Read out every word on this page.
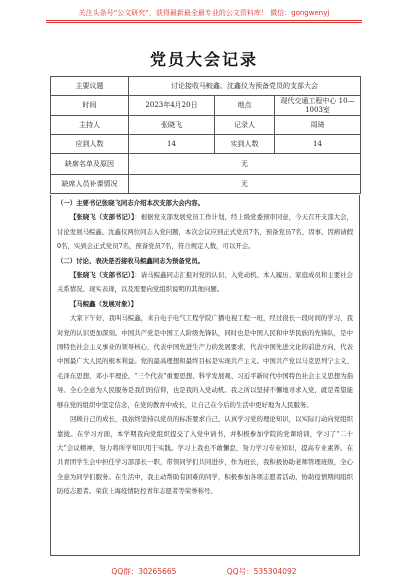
关注头条号“公文研究”，获得最新最全最专业的公文资料库！ 微信：gongwenyj
党员大会记录
主要议题	讨论接收马鲩鑫、沈鑫仪为预备党员的支部大会		
时间	2023年4月20日	地点	现代交通工程中心 10—1003室
主持人	张晓飞	记录人	周琦
应到人数	14	实到人数	14
缺席名单及原因	无		
缺席人员补课情况	无		

（一）主要书记张晓飞同志介绍本次支部大会内容。

【张晓飞（支部书记）】：根据党支部发展党员工作计划，经上级党委预审同意，今天召开支部大会，讨论发展马鲩鑫、沈鑫仪两位同志入党问题，本次会议应到正式党员7名，预备党员7名，因事、因病请假0名，实到会正式党员7名，预备党员7名，符合规定人数，可以开会。

（二）讨论、表决是否接收马鲩鑫同志为预备党员。

【张晓飞（支部书记）】：请马鲩鑫同志汇报对党的认识、入党动机、本人履历、家庭成员和主要社会关系情况、现实表现，以及需要向党组织说明的其他问题。

【马鲩鑫（发展对象）】

大家下午好，我叫马鲩鑫，来自电子电气工程学院广播电视工程一班，经过很长一段时间的学习，我对党的认识更加深刻。中国共产党是中国工人阶级先锋队，同时也是中国人民和中华民族的先锋队，是中国特色社会主义事业的领导核心，代表中国先进生产力的发展要求，代表中国先进文化的前进方向，代表中国最广大人民的根本利益。党的最高理想和最终目标是实现共产主义。中国共产党以马克思列宁主义、毛泽东思想、邓小平理论、“三个代表”重要思想、科学发展观、习近平新时代中国特色社会主义思想为指导。全心全意为人民服务是我们的信仰，也是我的入党动机。我之所以坚持不懈地寻求入党，就是希望能够在党的组织中坚定信念，在党的教育中成长，让自己在今后的生活中更好地为人民服务。

回顾自己的成长，我始终坚持以党员的标准要求自己，认真学习党的理论知识，以实际行动向党组织靠拢。在学习方面，本学期我向党组织提交了入党申请书，并积极参加学院的党课培训，学习了“二十大”会议精神，努力将所学知识用于实践。学习上我也不敢懈怠，努力学习专业知识，提高专业素养。在共青团学生会中担任学习部部长一职，带领同学们共同进步，作为班长，我积极协助老师管理班级，全心全意为同学们服务。在生活中，我主动帮助有困难的同学，积极参加各项志愿者活动，协助疫情期间组织防疫志愿者。荣获上海疫情防控青年志愿者等荣誉称号。

QQ群：30265665	QQ号：535304092
